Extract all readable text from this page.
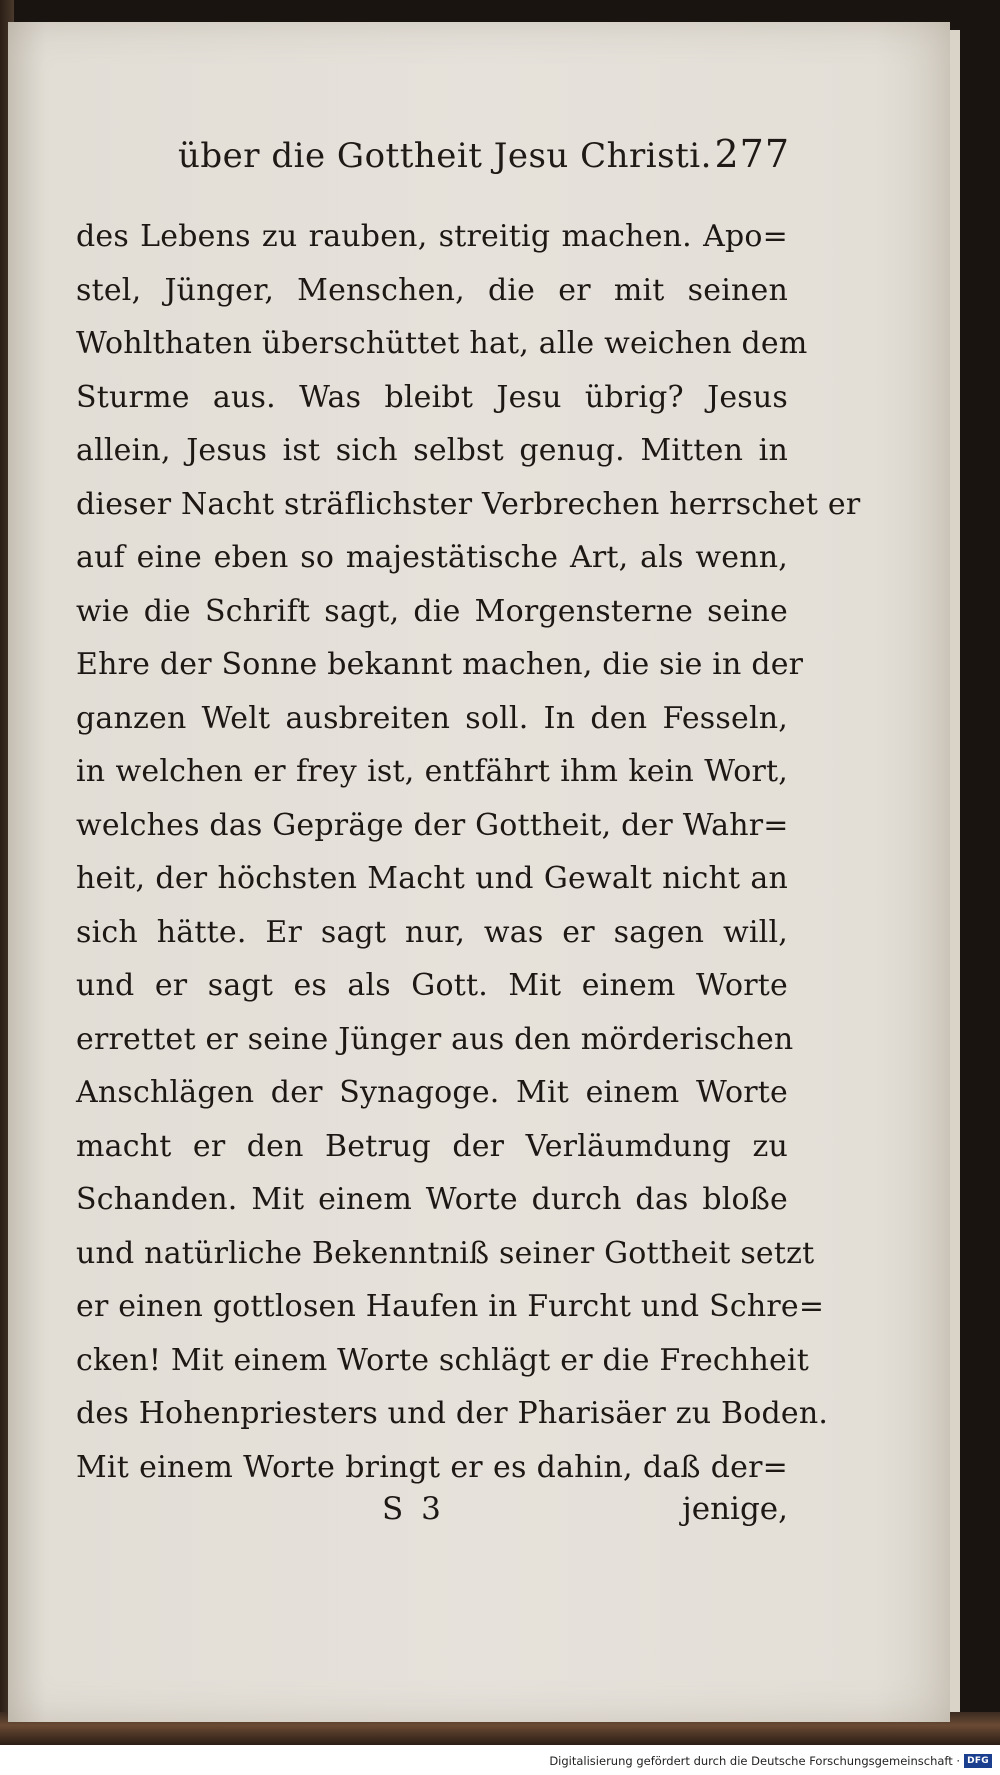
über die Gottheit Jesu Christi. 277
des Lebens zu rauben, streitig machen. Apo=
stel, Jünger, Menschen, die er mit seinen
Wohlthaten überschüttet hat, alle weichen dem
Sturme aus. Was bleibt Jesu übrig? Jesus
allein, Jesus ist sich selbst genug. Mitten in
dieser Nacht sträflichster Verbrechen herrschet er
auf eine eben so majestätische Art, als wenn,
wie die Schrift sagt, die Morgensterne seine
Ehre der Sonne bekannt machen, die sie in der
ganzen Welt ausbreiten soll. In den Fesseln,
in welchen er frey ist, entfährt ihm kein Wort,
welches das Gepräge der Gottheit, der Wahr=
heit, der höchsten Macht und Gewalt nicht an
sich hätte. Er sagt nur, was er sagen will,
und er sagt es als Gott. Mit einem Worte
errettet er seine Jünger aus den mörderischen
Anschlägen der Synagoge. Mit einem Worte
macht er den Betrug der Verläumdung zu
Schanden. Mit einem Worte durch das bloße
und natürliche Bekenntniß seiner Gottheit setzt
er einen gottlosen Haufen in Furcht und Schre=
cken! Mit einem Worte schlägt er die Frechheit
des Hohenpriesters und der Pharisäer zu Boden.
Mit einem Worte bringt er es dahin, daß der=
S 3	jenige,
Digitalisierung gefördert durch die Deutsche Forschungsgemeinschaft · DFG
